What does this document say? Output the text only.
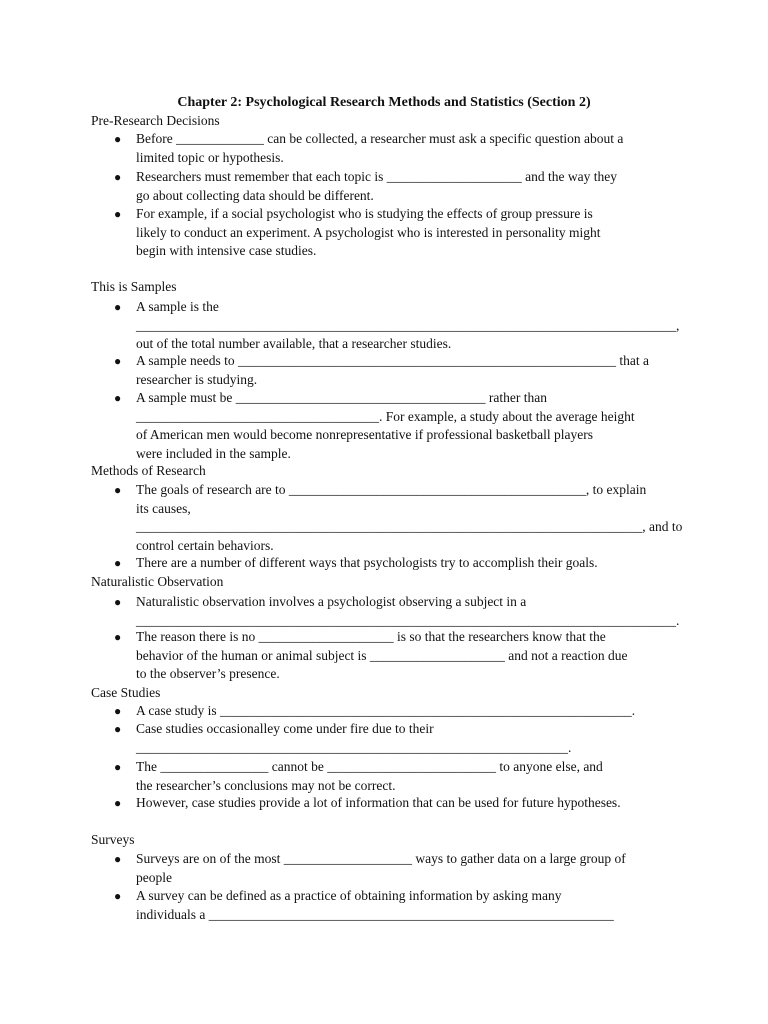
Chapter 2: Psychological Research Methods and Statistics (Section 2)
Pre-Research Decisions
●	Before _____________ can be collected, a researcher must ask a specific question about a
limited topic or hypothesis.
●	Researchers must remember that each topic is ____________________ and the way they
go about collecting data should be different.
●	For example, if a social psychologist who is studying the effects of group pressure is
likely to conduct an experiment. A psychologist who is interested in personality might
begin with intensive case studies.
This is Samples
●	A sample is the
________________________________________________________________________________,
out of the total number available, that a researcher studies.
●	A sample needs to ________________________________________________________ that a
researcher is studying.
●	A sample must be _____________________________________ rather than
____________________________________. For example, a study about the average height
of American men would become nonrepresentative if professional basketball players
were included in the sample.
Methods of Research
●	The goals of research are to ____________________________________________, to explain
its causes,
___________________________________________________________________________, and to
control certain behaviors.
●	There are a number of different ways that psychologists try to accomplish their goals.
Naturalistic Observation
●	Naturalistic observation involves a psychologist observing a subject in a
________________________________________________________________________________.
●	The reason there is no ____________________ is so that the researchers know that the
behavior of the human or animal subject is ____________________ and not a reaction due
to the observer’s presence.
Case Studies
●	A case study is _____________________________________________________________.
●	Case studies occasionalley come under fire due to their
________________________________________________________________.
●	The ________________ cannot be _________________________ to anyone else, and
the researcher’s conclusions may not be correct.
●	However, case studies provide a lot of information that can be used for future hypotheses.
Surveys
●	Surveys are on of the most ___________________ ways to gather data on a large group of
people
●	A survey can be defined as a practice of obtaining information by asking many
individuals a ____________________________________________________________
